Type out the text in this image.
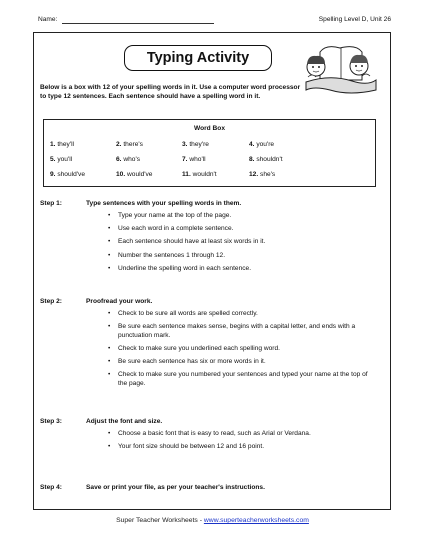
Name:	Spelling Level D, Unit 26
Typing Activity
Below is a box with 12 of your spelling words in it. Use a computer word processor to type 12 sentences. Each sentence should have a spelling word in it.
Word Box
1. they'll	2. there's	3. they're	4. you're
5. you'll	6. who's	7. who'll	8. shouldn't
9. should've	10. would've	11. wouldn't	12. she's
Step 1:	Type sentences with your spelling words in them.
• Type your name at the top of the page.
• Use each word in a complete sentence.
• Each sentence should have at least six words in it.
• Number the sentences 1 through 12.
• Underline the spelling word in each sentence.
Step 2:	Proofread your work.
• Check to be sure all words are spelled correctly.
• Be sure each sentence makes sense, begins with a capital letter, and ends with a punctuation mark.
• Check to make sure you underlined each spelling word.
• Be sure each sentence has six or more words in it.
• Check to make sure you numbered your sentences and typed your name at the top of the page.
Step 3:	Adjust the font and size.
• Choose a basic font that is easy to read, such as Arial or Verdana.
• Your font size should be between 12 and 16 point.
Step 4:	Save or print your file, as per your teacher's instructions.
Super Teacher Worksheets - www.superteacherworksheets.com
